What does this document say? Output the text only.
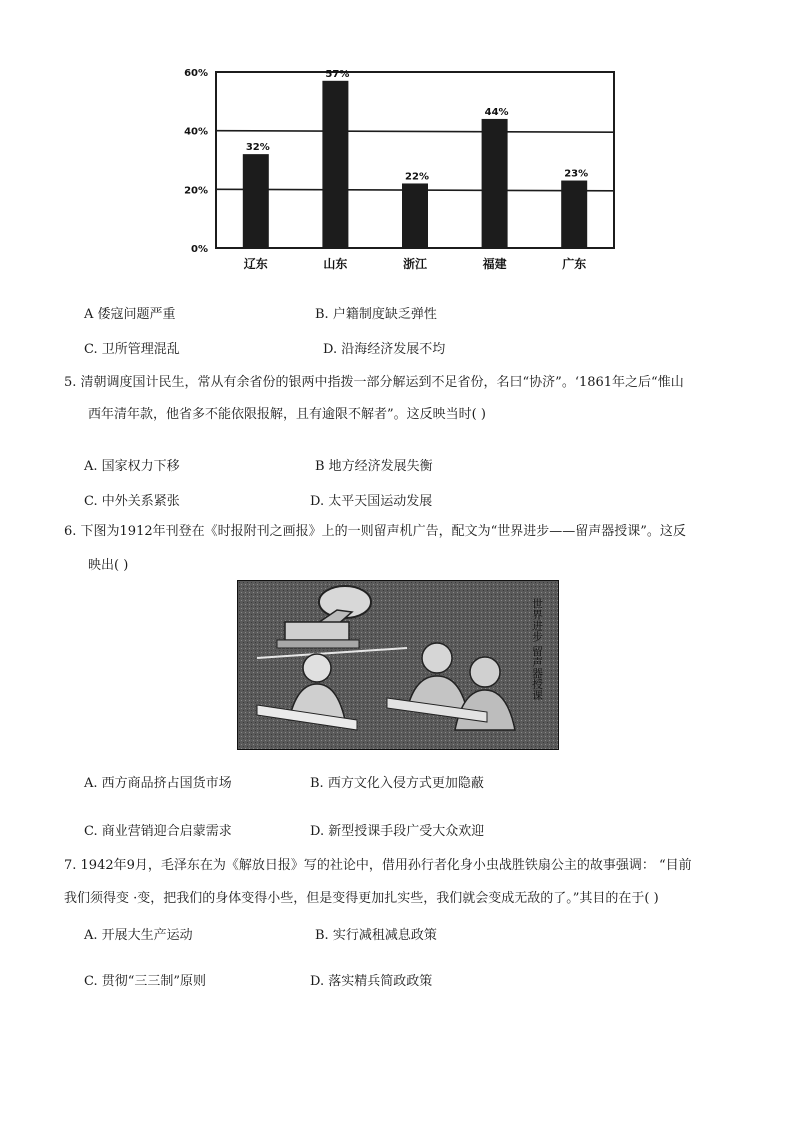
60%
40%
20%
0%
32%
辽东
57%
山东
22%
浙江
44%
福建
23%
广东
A 倭寇问题严重	B. 户籍制度缺乏弹性
C. 卫所管理混乱	D. 沿海经济发展不均
5. 清朝调度国计民生，常从有余省份的银两中指拨一部分解运到不足省份，名曰“协济”。‘1861年之后“惟山
西年清年款，他省多不能依限报解，且有逾限不解者”。这反映当时( )
A. 国家权力下移	B 地方经济发展失衡
C. 中外关系紧张	D. 太平天国运动发展
6. 下图为1912年刊登在《时报附刊之画报》上的一则留声机广告，配文为“世界进步——留声器授课”。这反
映出( )
世界进步 留声器授课
A. 西方商品挤占国货市场	B. 西方文化入侵方式更加隐蔽
C. 商业营销迎合启蒙需求	D. 新型授课手段广受大众欢迎
7. 1942年9月，毛泽东在为《解放日报》写的社论中，借用孙行者化身小虫战胜铁扇公主的故事强调： “目前
我们须得变 ·变，把我们的身体变得小些，但是变得更加扎实些，我们就会变成无敌的了。”其目的在于( )
A. 开展大生产运动	B. 实行减租减息政策
C. 贯彻“三三制”原则	D. 落实精兵简政政策
